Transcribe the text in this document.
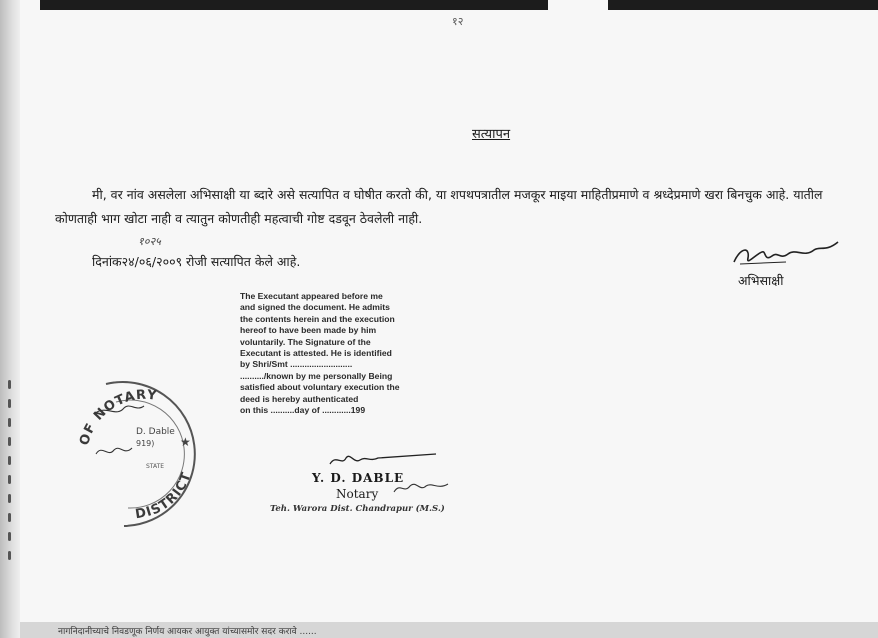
१२
सत्यापन
मी, वर नांव असलेला अभिसाक्षी या ब्दारे असे सत्यापित व घोषीत करतो की, या शपथपत्रातील मजकूर माइया माहितीप्रमाणे व श्रध्देप्रमाणे खरा बिनचुक आहे. यातील
कोणताही भाग खोटा नाही व त्यातुन कोणतीही महत्वाची गोष्ट दडवून ठेवलेली नाही.
१०२५
दिनांक२४/०६/२००९ रोजी सत्यापित केले आहे.
अभिसाक्षी
The Executant appeared before me
and signed the document. He admits
the contents herein and the execution
hereof to have been made by him
voluntarily. The Signature of the
Executant is attested. He is identified
by Shri/Smt ..........................
........../known by me personally Being
satisfied about voluntary execution the
deed is hereby authenticated
on this ..........day of ............199
Y. D. DABLE
Notary
Teh. Warora Dist. Chandrapur (M.S.)
OF NOTARY
DISTRICT
D. Dable
919)
STATE
★
नागनिदानीच्याचे निवडणूक निर्णय आयकर आयुक्त यांच्यासमोर सदर करावे ......
